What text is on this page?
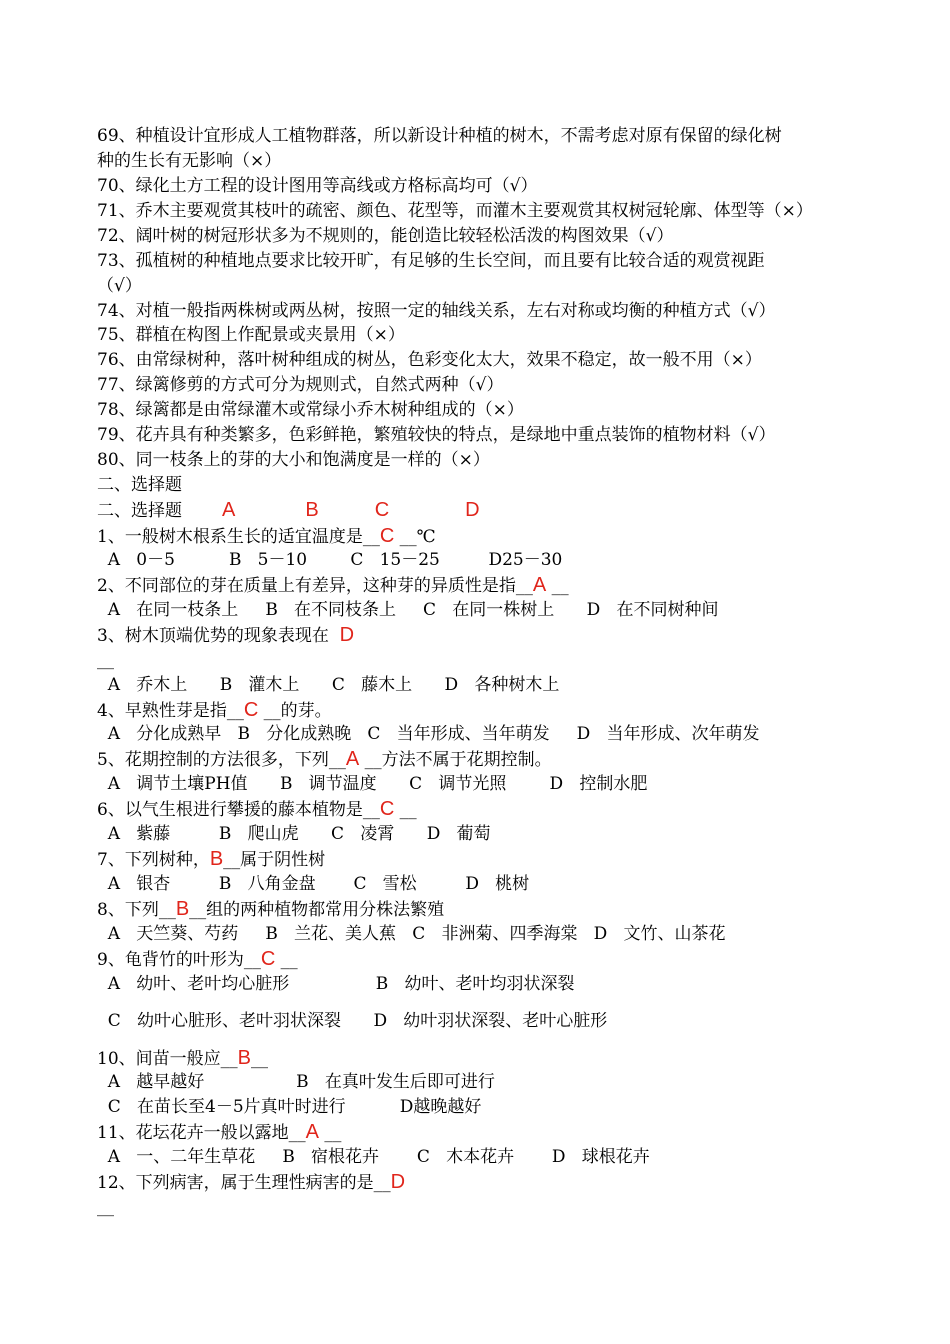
69、种植设计宜形成人工植物群落，所以新设计种植的树木，不需考虑对原有保留的绿化树
种的生长有无影响（×）
70、绿化土方工程的设计图用等高线或方格标高均可（√）
71、乔木主要观赏其枝叶的疏密、颜色、花型等，而灌木主要观赏其权树冠轮廓、体型等（×）
72、阔叶树的树冠形状多为不规则的，能创造比较轻松活泼的构图效果（√）
73、孤植树的种植地点要求比较开旷，有足够的生长空间，而且要有比较合适的观赏视距
（√）
74、对植一般指两株树或两丛树，按照一定的轴线关系，左右对称或均衡的种植方式（√）
75、群植在构图上作配景或夹景用（×）
76、由常绿树种，落叶树种组成的树丛，色彩变化太大，效果不稳定，故一般不用（×）
77、绿篱修剪的方式可分为规则式，自然式两种（√）
78、绿篱都是由常绿灌木或常绿小乔木树种组成的（×）
79、花卉具有种类繁多，色彩鲜艳，繁殖较快的特点，是绿地中重点装饰的植物材料（√）
80、同一枝条上的芽的大小和饱满度是一样的（×）
二、选择题
二、选择题 A	B	C	D
1、一般树木根系生长的适宜温度是__C __℃
A   0－5          B   5－10        C   15－25         D25－30
2、不同部位的芽在质量上有差异，这种芽的异质性是指__A __
A   在同一枝条上     B   在不同枝条上     C   在同一株树上      D   在不同树种间
3、树木顶端优势的现象表现在  D
__
A   乔木上      B   灌木上      C   藤木上      D   各种树木上
4、早熟性芽是指__C __的芽。
A   分化成熟早   B   分化成熟晚   C   当年形成、当年萌发     D   当年形成、次年萌发
5、花期控制的方法很多，下列__A __方法不属于花期控制。
A   调节土壤PH值      B   调节温度      C   调节光照        D   控制水肥
6、以气生根进行攀援的藤本植物是__C __
A   紫藤         B   爬山虎      C   凌霄      D   葡萄
7、下列树种，B__属于阴性树
A   银杏         B   八角金盘       C   雪松         D   桃树
8、下列__B__组的两种植物都常用分株法繁殖
A   天竺葵、芍药     B   兰花、美人蕉   C   非洲菊、四季海棠   D   文竹、山茶花
9、龟背竹的叶形为__C __
A   幼叶、老叶均心脏形                B   幼叶、老叶均羽状深裂
C   幼叶心脏形、老叶羽状深裂      D   幼叶羽状深裂、老叶心脏形
10、间苗一般应__B__
A   越早越好                 B   在真叶发生后即可进行
C   在苗长至4－5片真叶时进行          D越晚越好
11、花坛花卉一般以露地__A __
A   一、二年生草花     B   宿根花卉       C   木本花卉       D   球根花卉
12、下列病害，属于生理性病害的是__D
__
